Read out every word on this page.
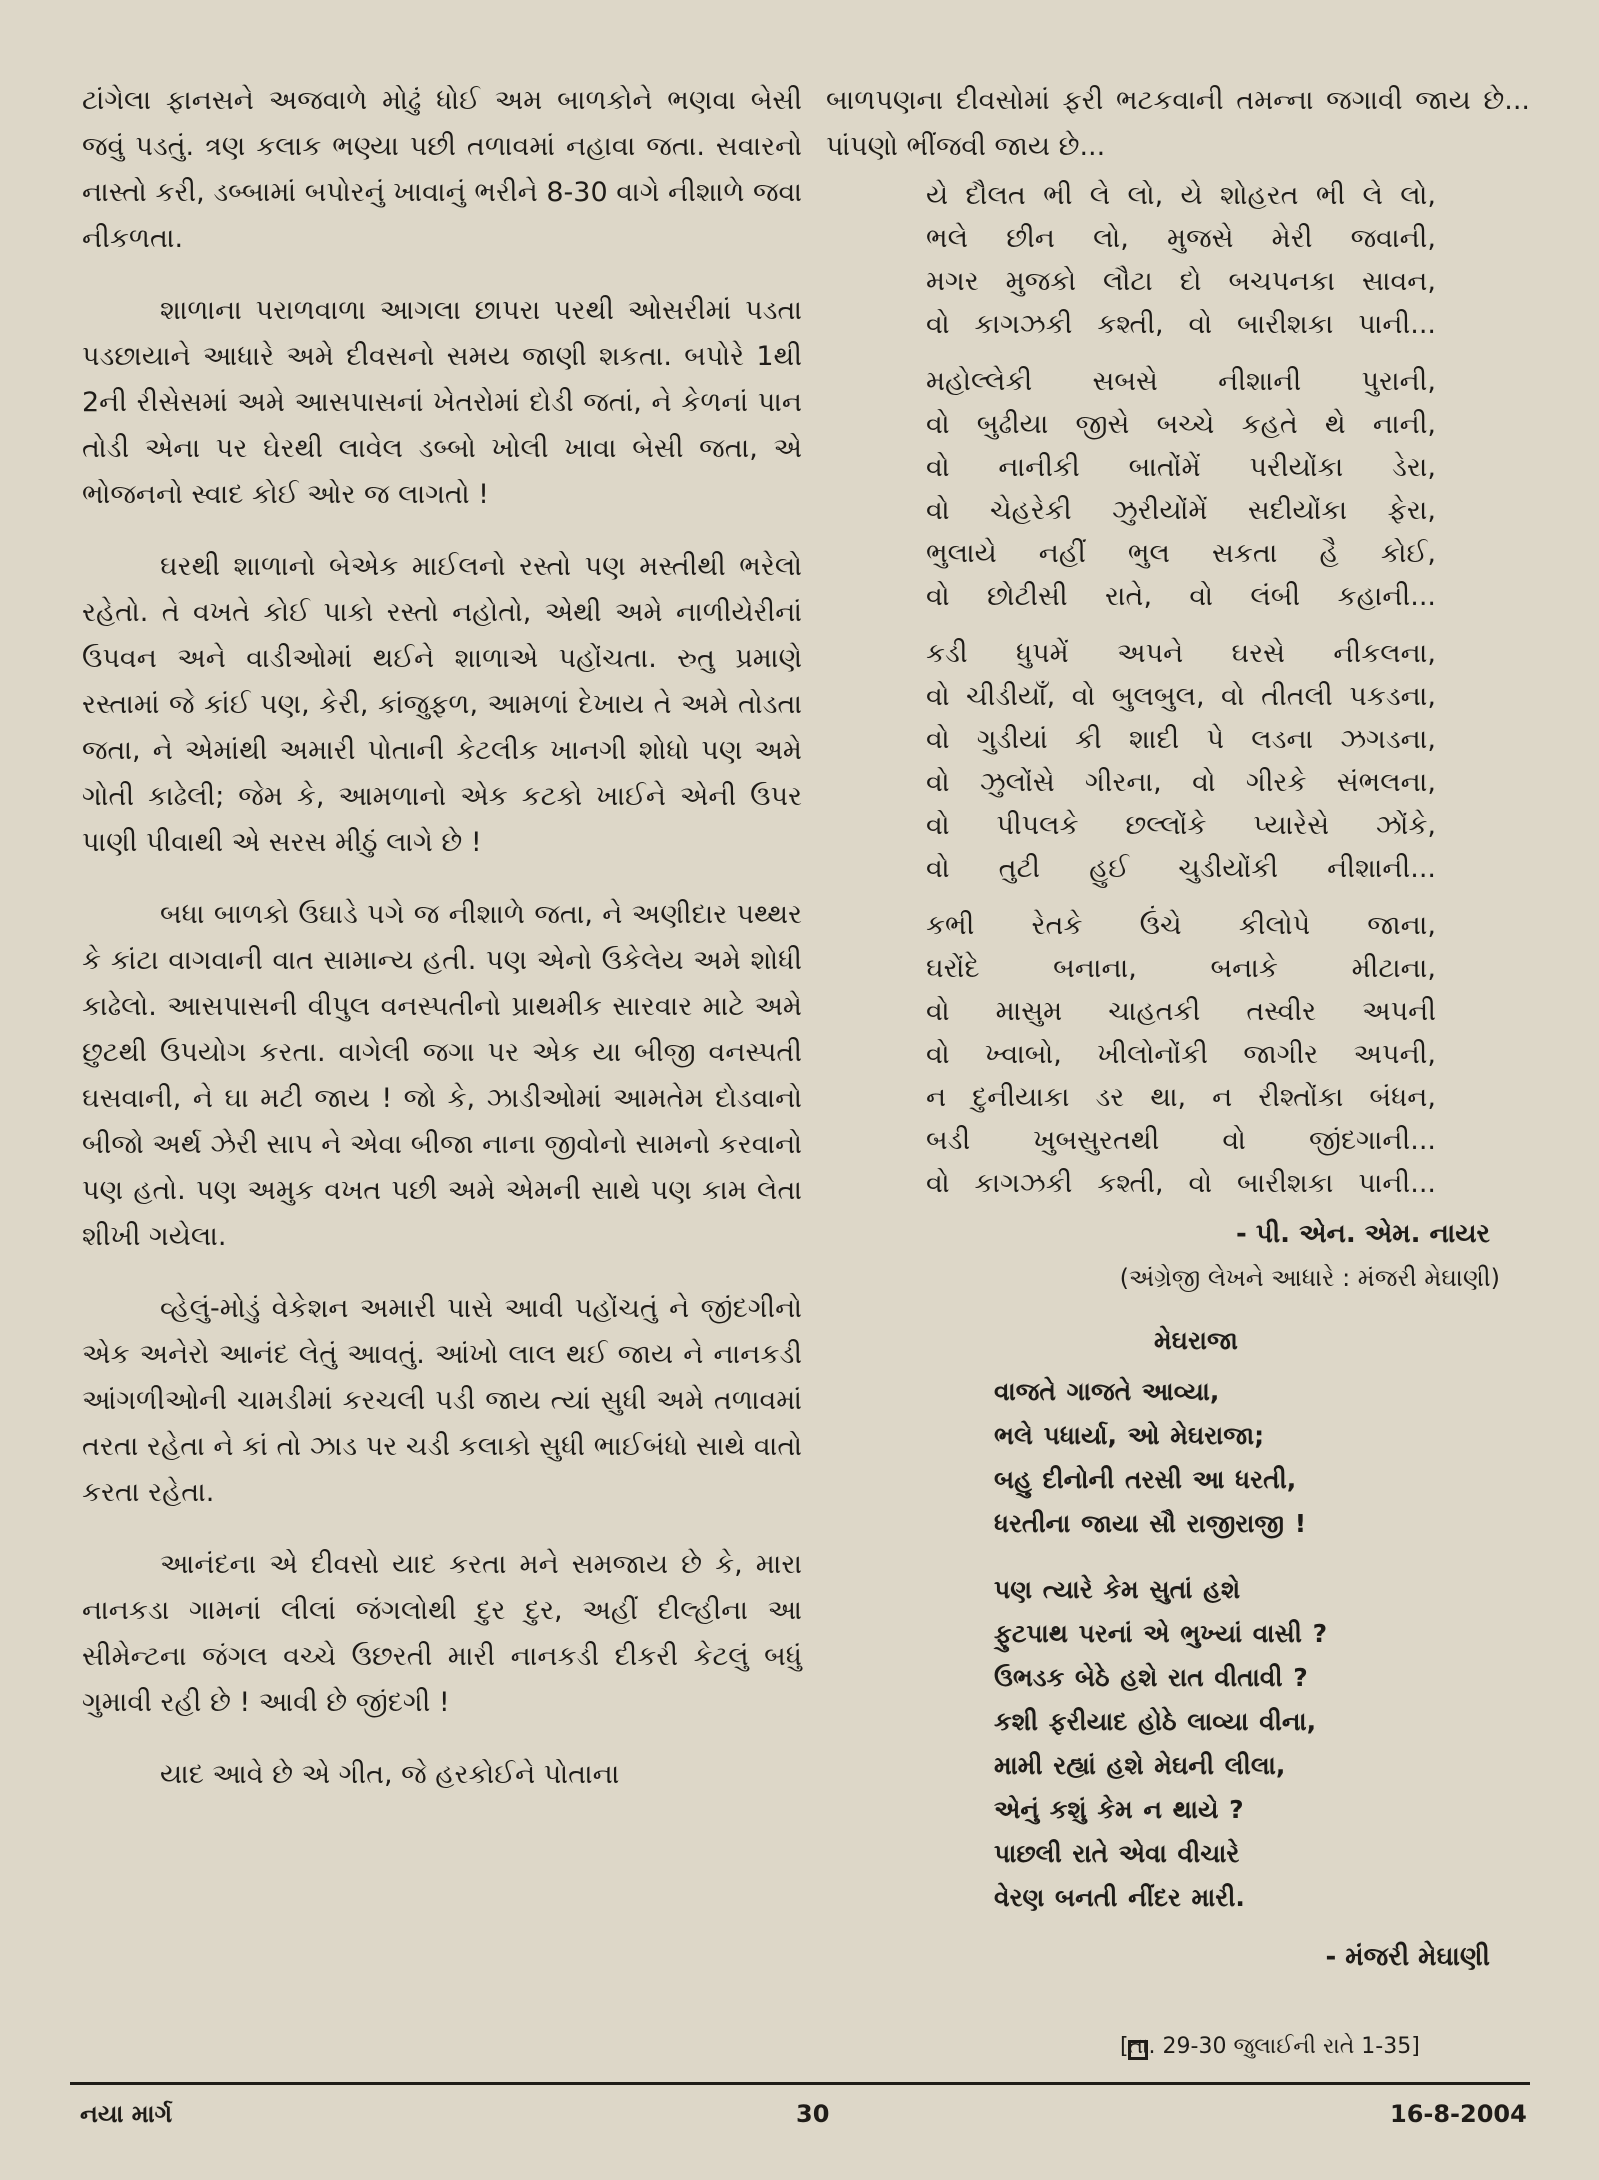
ટાંગેલા ફાનસને અજવાળે મોઢું ધોઈ અમ બાળકોને ભણવા બેસી જવું પડતું. ત્રણ કલાક ભણ્યા પછી તળાવમાં નહાવા જતા. સવારનો નાસ્તો કરી, ડબ્બામાં બપોરનું ખાવાનું ભરીને 8-30 વાગે નીશાળે જવા નીકળતા.

શાળાના પરાળવાળા આગલા છાપરા પરથી ઓસરીમાં પડતા પડછાયાને આધારે અમે દીવસનો સમય જાણી શકતા. બપોરે 1થી 2ની રીસેસમાં અમે આસપાસનાં ખેતરોમાં દોડી જતાં, ને કેળનાં પાન તોડી એના પર ઘેરથી લાવેલ ડબ્બો ખોલી ખાવા બેસી જતા, એ ભોજનનો સ્વાદ કોઈ ઓર જ લાગતો !

ઘરથી શાળાનો બેએક માઈલનો રસ્તો પણ મસ્તીથી ભરેલો રહેતો. તે વખતે કોઈ પાકો રસ્તો નહોતો, એથી અમે નાળીયેરીનાં ઉપવન અને વાડીઓમાં થઈને શાળાએ પહોંચતા. રુતુ પ્રમાણે રસ્તામાં જે કાંઈ પણ, કેરી, કાંજુફળ, આમળાં દેખાય તે અમે તોડતા જતા, ને એમાંથી અમારી પોતાની કેટલીક ખાનગી શોધો પણ અમે ગોતી કાઢેલી; જેમ કે, આમળાનો એક કટકો ખાઈને એની ઉપર પાણી પીવાથી એ સરસ મીઠું લાગે છે !

બધા બાળકો ઉઘાડે પગે જ નીશાળે જતા, ને અણીદાર પથ્થર કે કાંટા વાગવાની વાત સામાન્ય હતી. પણ એનો ઉકેલેય અમે શોધી કાઢેલો. આસપાસની વીપુલ વનસ્પતીનો પ્રાથમીક સારવાર માટે અમે છુટથી ઉપયોગ કરતા. વાગેલી જગા પર એક યા બીજી વનસ્પતી ઘસવાની, ને ઘા મટી જાય ! જો કે, ઝાડીઓમાં આમતેમ દોડવાનો બીજો અર્થ ઝેરી સાપ ને એવા બીજા નાના જીવોનો સામનો કરવાનો પણ હતો. પણ અમુક વખત પછી અમે એમની સાથે પણ કામ લેતા શીખી ગયેલા.

વ્હેલું-મોડું વેકેશન અમારી પાસે આવી પહોંચતું ને જીંદગીનો એક અનેરો આનંદ લેતું આવતું. આંખો લાલ થઈ જાય ને નાનકડી આંગળીઓની ચામડીમાં કરચલી પડી જાય ત્યાં સુધી અમે તળાવમાં તરતા રહેતા ને કાં તો ઝાડ પર ચડી કલાકો સુધી ભાઈબંધો સાથે વાતો કરતા રહેતા.

આનંદના એ દીવસો યાદ કરતા મને સમજાય છે કે, મારા નાનકડા ગામનાં લીલાં જંગલોથી દુર દુર, અહીં દીલ્હીના આ સીમેન્ટના જંગલ વચ્ચે ઉછરતી મારી નાનકડી દીકરી કેટલું બધું ગુમાવી રહી છે ! આવી છે જીંદગી !

યાદ આવે છે એ ગીત, જે હરકોઈને પોતાના

બાળપણના દીવસોમાં ફરી ભટકવાની તમન્ના જગાવી જાય છે... પાંપણો ભીંજવી જાય છે...

યે દૌલત ભી લે લો, યે શોહરત ભી લે લો,
ભલે છીન લો, મુજસે મેરી જવાની,
મગર મુજકો લૌટા દો બચપનકા સાવન,
વો કાગઝકી કશ્તી, વો બારીશકા પાની...
મહોલ્લેકી સબસે નીશાની પુરાની,
વો બુઢીયા જીસે બચ્ચે કહતે થે નાની,
વો નાનીકી બાતોંમેં પરીયોંકા ડેરા,
વો ચેહરેકી ઝુરીયોંમેં સદીયોંકા ફેરા,
ભુલાયે નહીં ભુલ સકતા હૈ કોઈ,
વો છોટીસી રાતે, વો લંબી કહાની...
કડી ધુપમેં અપને ઘરસે નીકલના,
વો ચીડીયાઁ, વો બુલબુલ, વો તીતલી પકડના,
વો ગુડીયાં કી શાદી પે લડના ઝગડના,
વો ઝુલોંસે ગીરના, વો ગીરકે સંભલના,
વો પીપલકે છલ્લોંકે પ્યારેસે ઝોંકે,
વો તુટી હુઈ ચુડીયોંકી નીશાની...
કભી રેતકે ઉંચે કીલોપે જાના,
ઘરોંદે બનાના, બનાકે મીટાના,
વો માસુમ ચાહતકી તસ્વીર અપની
વો ખ્વાબો, ખીલોનોંકી જાગીર અપની,
ન દુનીયાકા ડર થા, ન રીશ્તોંકા બંધન,
બડી ખુબસુરતથી વો જીંદગાની...
વો કાગઝકી કશ્તી, વો બારીશકા પાની...
- પી. એન. એમ. નાયર
(અંગ્રેજી લેખને આધારે : મંજરી મેઘાણી)
મેઘરાજા
વાજતે ગાજતે આવ્યા,
ભલે પધાર્યા, ઓ મેઘરાજા;
બહુ દીનોની તરસી આ ધરતી,
ધરતીના જાયા સૌ રાજીરાજી !
પણ ત્યારે કેમ સુતાં હશે
ફુટપાથ પરનાં એ ભુખ્યાં વાસી ?
ઉભડક બેઠે હશે રાત વીતાવી ?
કશી ફરીયાદ હોઠે લાવ્યા વીના,
મામી રહ્યાં હશે મેઘની લીલા,
એનું કશું કેમ ન થાયે ?
પાછલી રાતે એવા વીચારે
વેરણ બનતી નીંદર મારી.
- મંજરી મેઘાણી
[તા. 29-30 જુલાઈની રાતે 1-35]
નયા માર્ગ	30	16-8-2004
